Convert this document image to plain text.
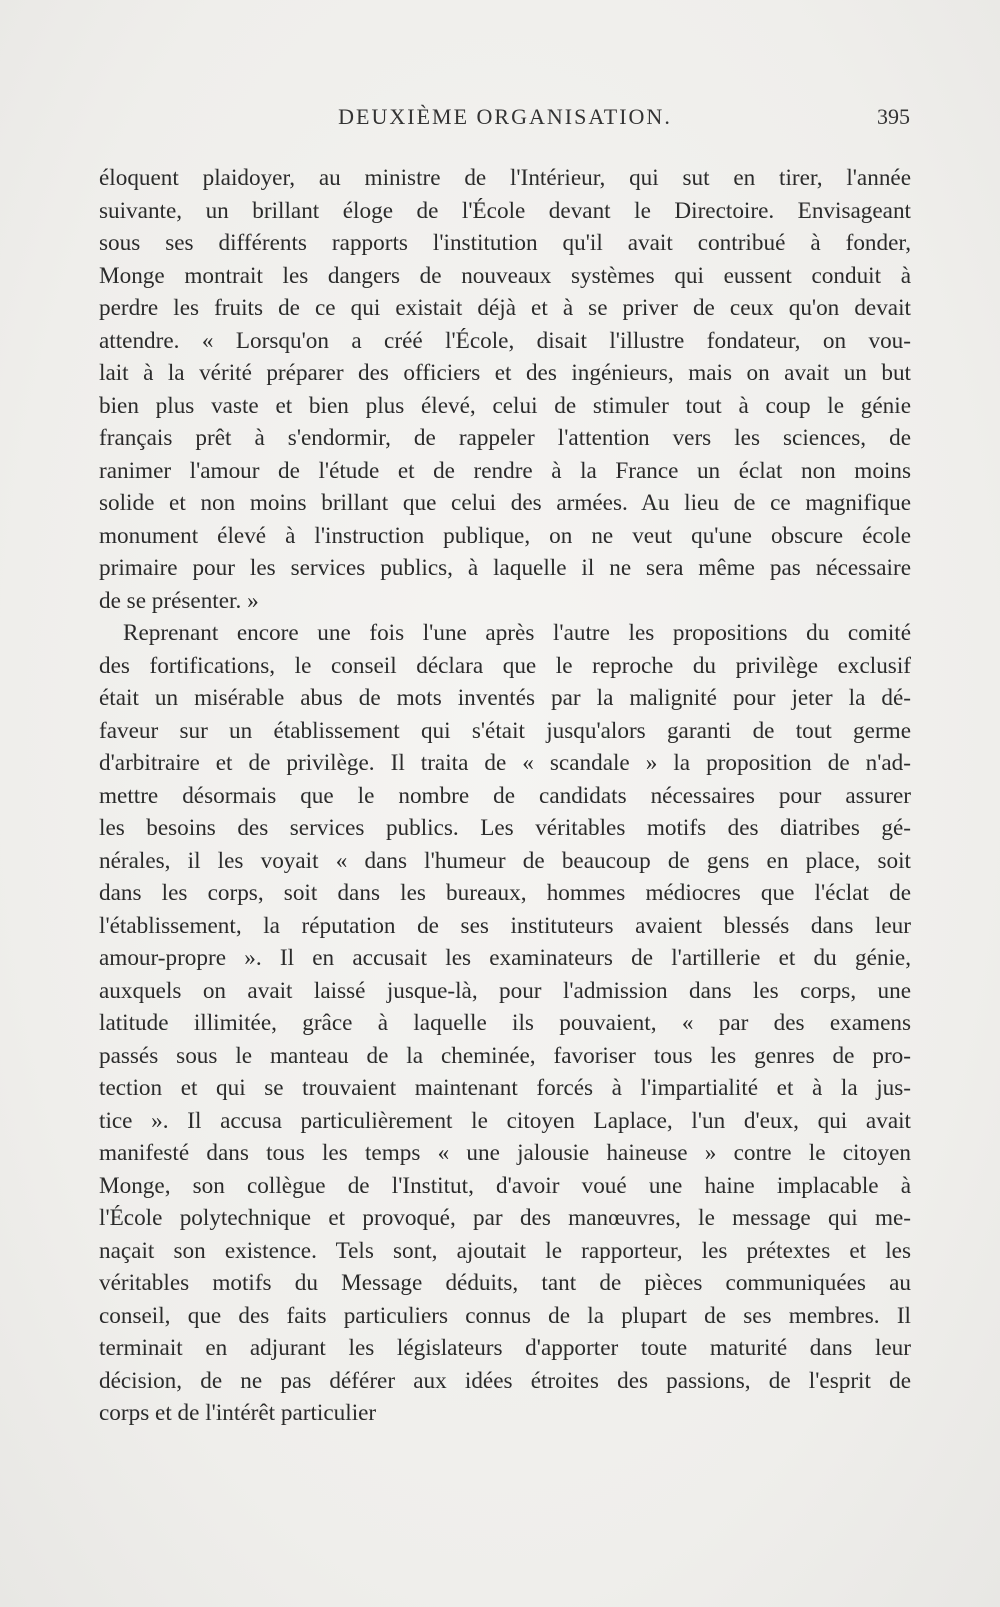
DEUXIÈME ORGANISATION.	395
éloquent plaidoyer, au ministre de l'Intérieur, qui sut en tirer, l'année
suivante, un brillant éloge de l'École devant le Directoire. Envisageant
sous ses différents rapports l'institution qu'il avait contribué à fonder,
Monge montrait les dangers de nouveaux systèmes qui eussent conduit à
perdre les fruits de ce qui existait déjà et à se priver de ceux qu'on devait
attendre. « Lorsqu'on a créé l'École, disait l'illustre fondateur, on vou-
lait à la vérité préparer des officiers et des ingénieurs, mais on avait un but
bien plus vaste et bien plus élevé, celui de stimuler tout à coup le génie
français prêt à s'endormir, de rappeler l'attention vers les sciences, de
ranimer l'amour de l'étude et de rendre à la France un éclat non moins
solide et non moins brillant que celui des armées. Au lieu de ce magnifique
monument élevé à l'instruction publique, on ne veut qu'une obscure école
primaire pour les services publics, à laquelle il ne sera même pas nécessaire
de se présenter. »
Reprenant encore une fois l'une après l'autre les propositions du comité
des fortifications, le conseil déclara que le reproche du privilège exclusif
était un misérable abus de mots inventés par la malignité pour jeter la dé-
faveur sur un établissement qui s'était jusqu'alors garanti de tout germe
d'arbitraire et de privilège. Il traita de « scandale » la proposition de n'ad-
mettre désormais que le nombre de candidats nécessaires pour assurer
les besoins des services publics. Les véritables motifs des diatribes gé-
nérales, il les voyait « dans l'humeur de beaucoup de gens en place, soit
dans les corps, soit dans les bureaux, hommes médiocres que l'éclat de
l'établissement, la réputation de ses instituteurs avaient blessés dans leur
amour-propre ». Il en accusait les examinateurs de l'artillerie et du génie,
auxquels on avait laissé jusque-là, pour l'admission dans les corps, une
latitude illimitée, grâce à laquelle ils pouvaient, « par des examens
passés sous le manteau de la cheminée, favoriser tous les genres de pro-
tection et qui se trouvaient maintenant forcés à l'impartialité et à la jus-
tice ». Il accusa particulièrement le citoyen Laplace, l'un d'eux, qui avait
manifesté dans tous les temps « une jalousie haineuse » contre le citoyen
Monge, son collègue de l'Institut, d'avoir voué une haine implacable à
l'École polytechnique et provoqué, par des manœuvres, le message qui me-
naçait son existence. Tels sont, ajoutait le rapporteur, les prétextes et les
véritables motifs du Message déduits, tant de pièces communiquées au
conseil, que des faits particuliers connus de la plupart de ses membres. Il
terminait en adjurant les législateurs d'apporter toute maturité dans leur
décision, de ne pas déférer aux idées étroites des passions, de l'esprit de
corps et de l'intérêt particulier
